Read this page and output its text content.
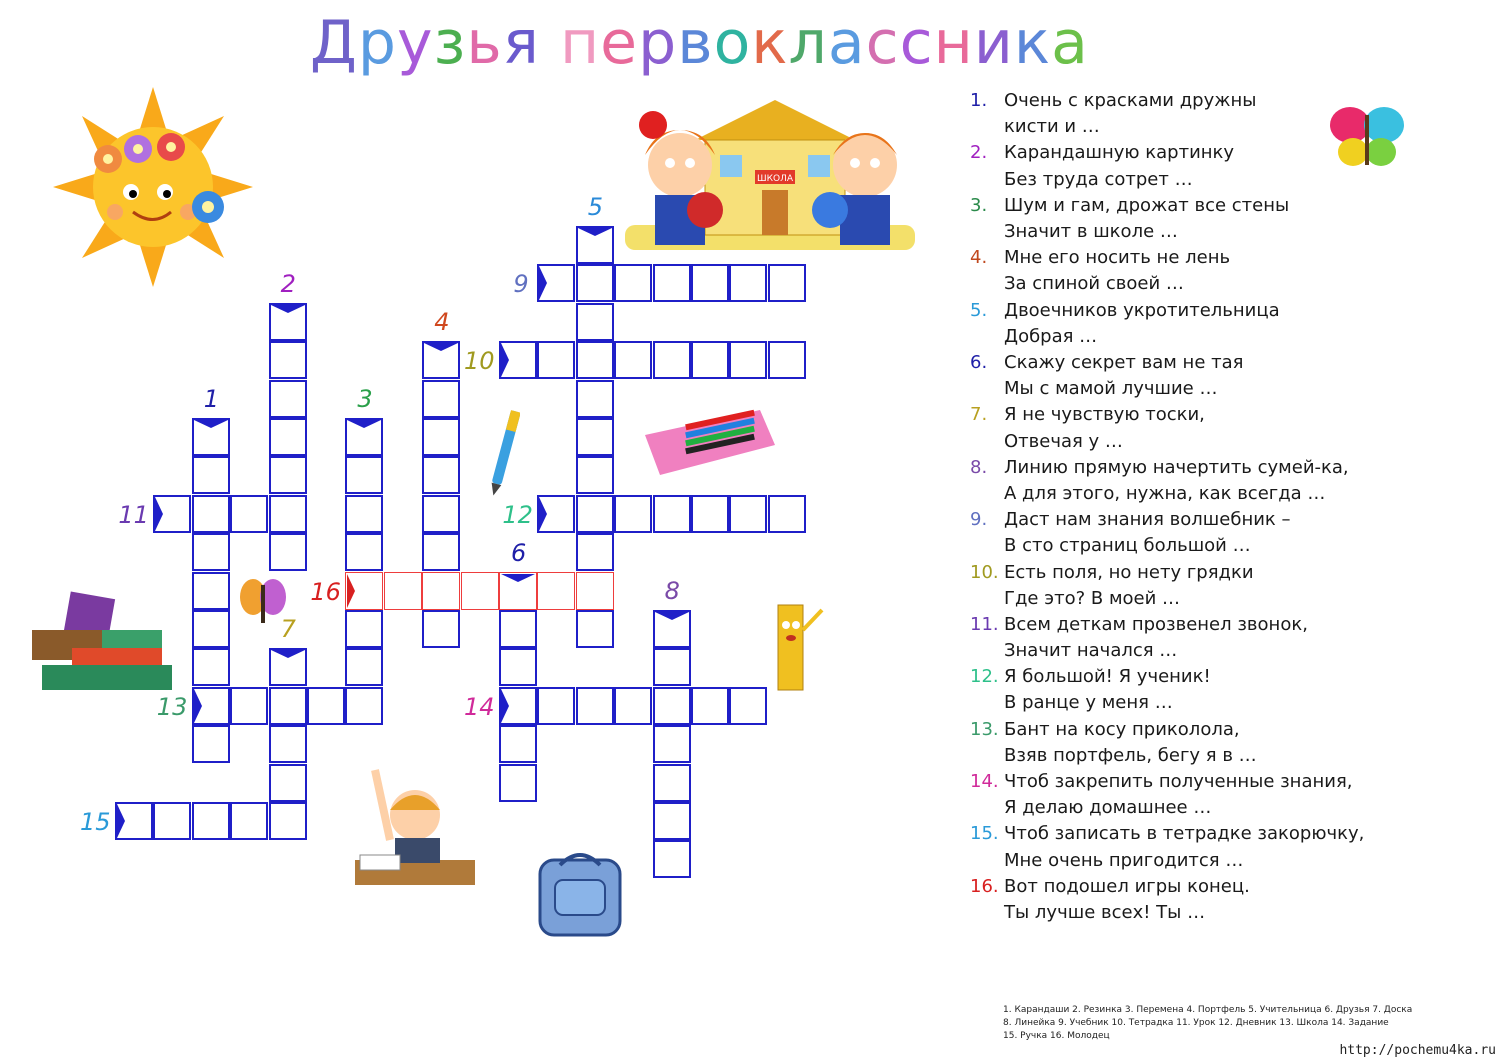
Друзья первоклассника
ШКОЛА
1
2
3
4
5
6
7
8
9
10
11	12
13	14
15
16
1. Очень с красками дружны
кисти и …
2. Карандашную картинку
Без труда сотрет …
3. Шум и гам, дрожат все стены
Значит в школе …
4. Мне его носить не лень
За спиной своей …
5. Двоечников укротительница
Добрая …
6. Скажу секрет вам не тая
Мы с мамой лучшие …
7. Я не чувствую тоски,
Отвечая у …
8. Линию прямую начертить сумей-ка,
А для этого, нужна, как всегда …
9. Даст нам знания волшебник –
В сто страниц большой …
10. Есть поля, но нету грядки
Где это? В моей …
11. Всем деткам прозвенел звонок,
Значит начался …
12. Я большой! Я ученик!
В ранце у меня …
13. Бант на косу приколола,
Взяв портфель, бегу я в …
14. Чтоб закрепить полученные знания,
Я делаю домашнее …
15. Чтоб записать в тетрадке закорючку,
Мне очень пригодится …
16. Вот подошел игры конец.
Ты лучше всех! Ты …
1. Карандаши 2. Резинка 3. Перемена 4. Портфель 5. Учительница 6. Друзья 7. Доска
8. Линейка 9. Учебник 10. Тетрадка 11. Урок 12. Дневник 13. Школа 14. Задание
15. Ручка 16. Молодец
http://pochemu4ka.ru
